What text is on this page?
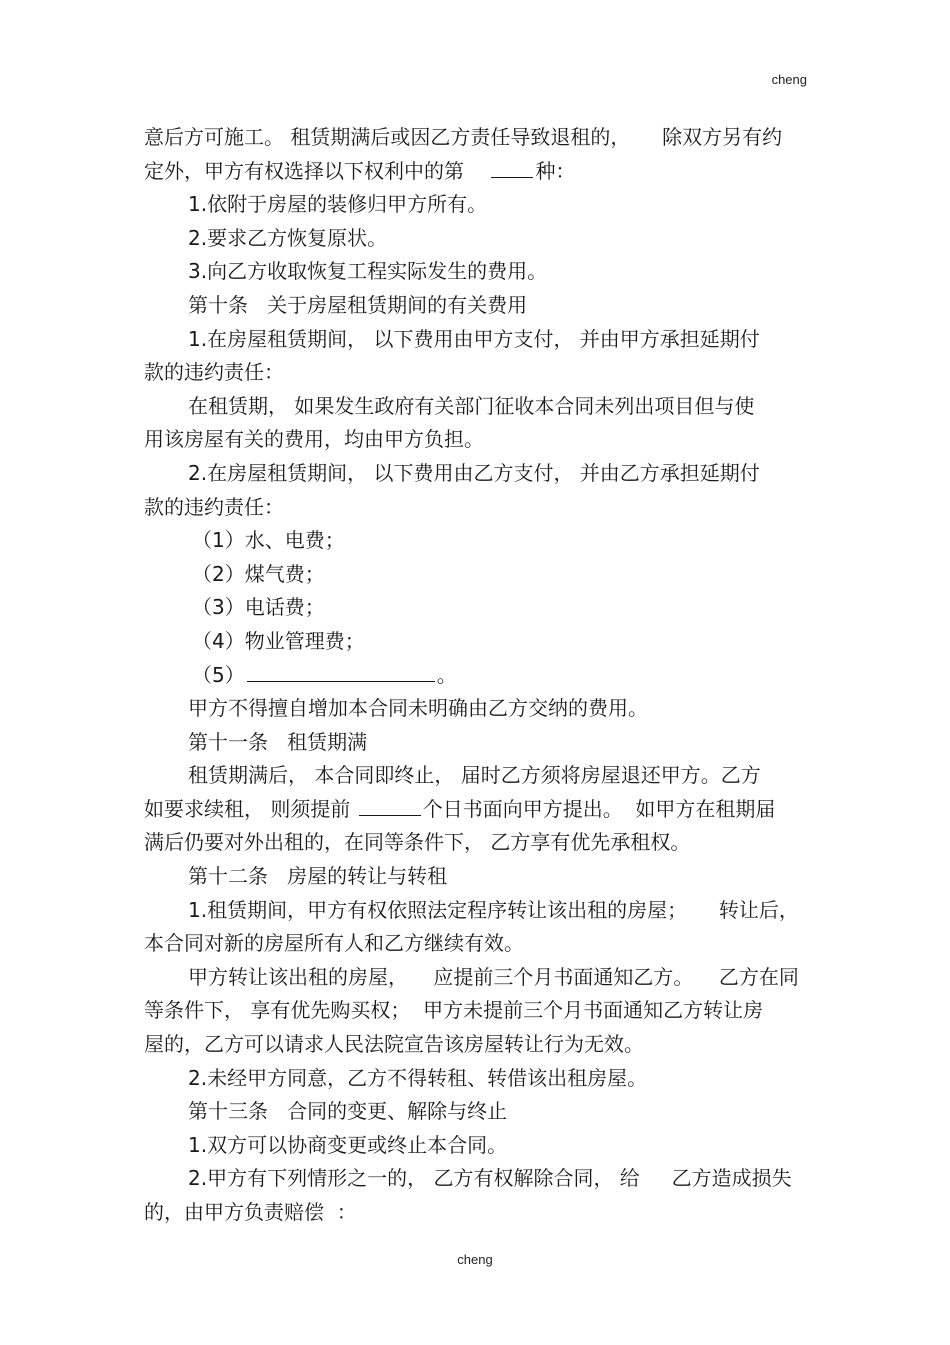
cheng
意后方可施工。 租赁期满后或因乙方责任导致退租的，     除双方另有约
定外，甲方有权选择以下权利中的第    种：
1.依附于房屋的装修归甲方所有。
2.要求乙方恢复原状。
3.向乙方收取恢复工程实际发生的费用。
第十条   关于房屋租赁期间的有关费用
1.在房屋租赁期间， 以下费用由甲方支付， 并由甲方承担延期付
款的违约责任：
在租赁期， 如果发生政府有关部门征收本合同未列出项目但与使
用该房屋有关的费用，均由甲方负担。
2.在房屋租赁期间， 以下费用由乙方支付， 并由乙方承担延期付
款的违约责任：
（1）水、电费；
（2）煤气费；
（3）电话费；
（4）物业管理费；
（5）	。
甲方不得擅自增加本合同未明确由乙方交纳的费用。
第十一条   租赁期满
租赁期满后， 本合同即终止， 届时乙方须将房屋退还甲方。乙方
如要求续租， 则须提前	个日书面向甲方提出。  如甲方在租期届
满后仍要对外出租的，在同等条件下， 乙方享有优先承租权。
第十二条   房屋的转让与转租
1.租赁期间，甲方有权依照法定程序转让该出租的房屋；     转让后，
本合同对新的房屋所有人和乙方继续有效。
甲方转让该出租的房屋，    应提前三个月书面通知乙方。    乙方在同
等条件下， 享有优先购买权；  甲方未提前三个月书面通知乙方转让房
屋的，乙方可以请求人民法院宣告该房屋转让行为无效。
2.未经甲方同意，乙方不得转租、转借该出租房屋。
第十三条   合同的变更、解除与终止
1.双方可以协商变更或终止本合同。
2.甲方有下列情形之一的， 乙方有权解除合同， 给     乙方造成损失
的，由甲方负责赔偿  ：
cheng
